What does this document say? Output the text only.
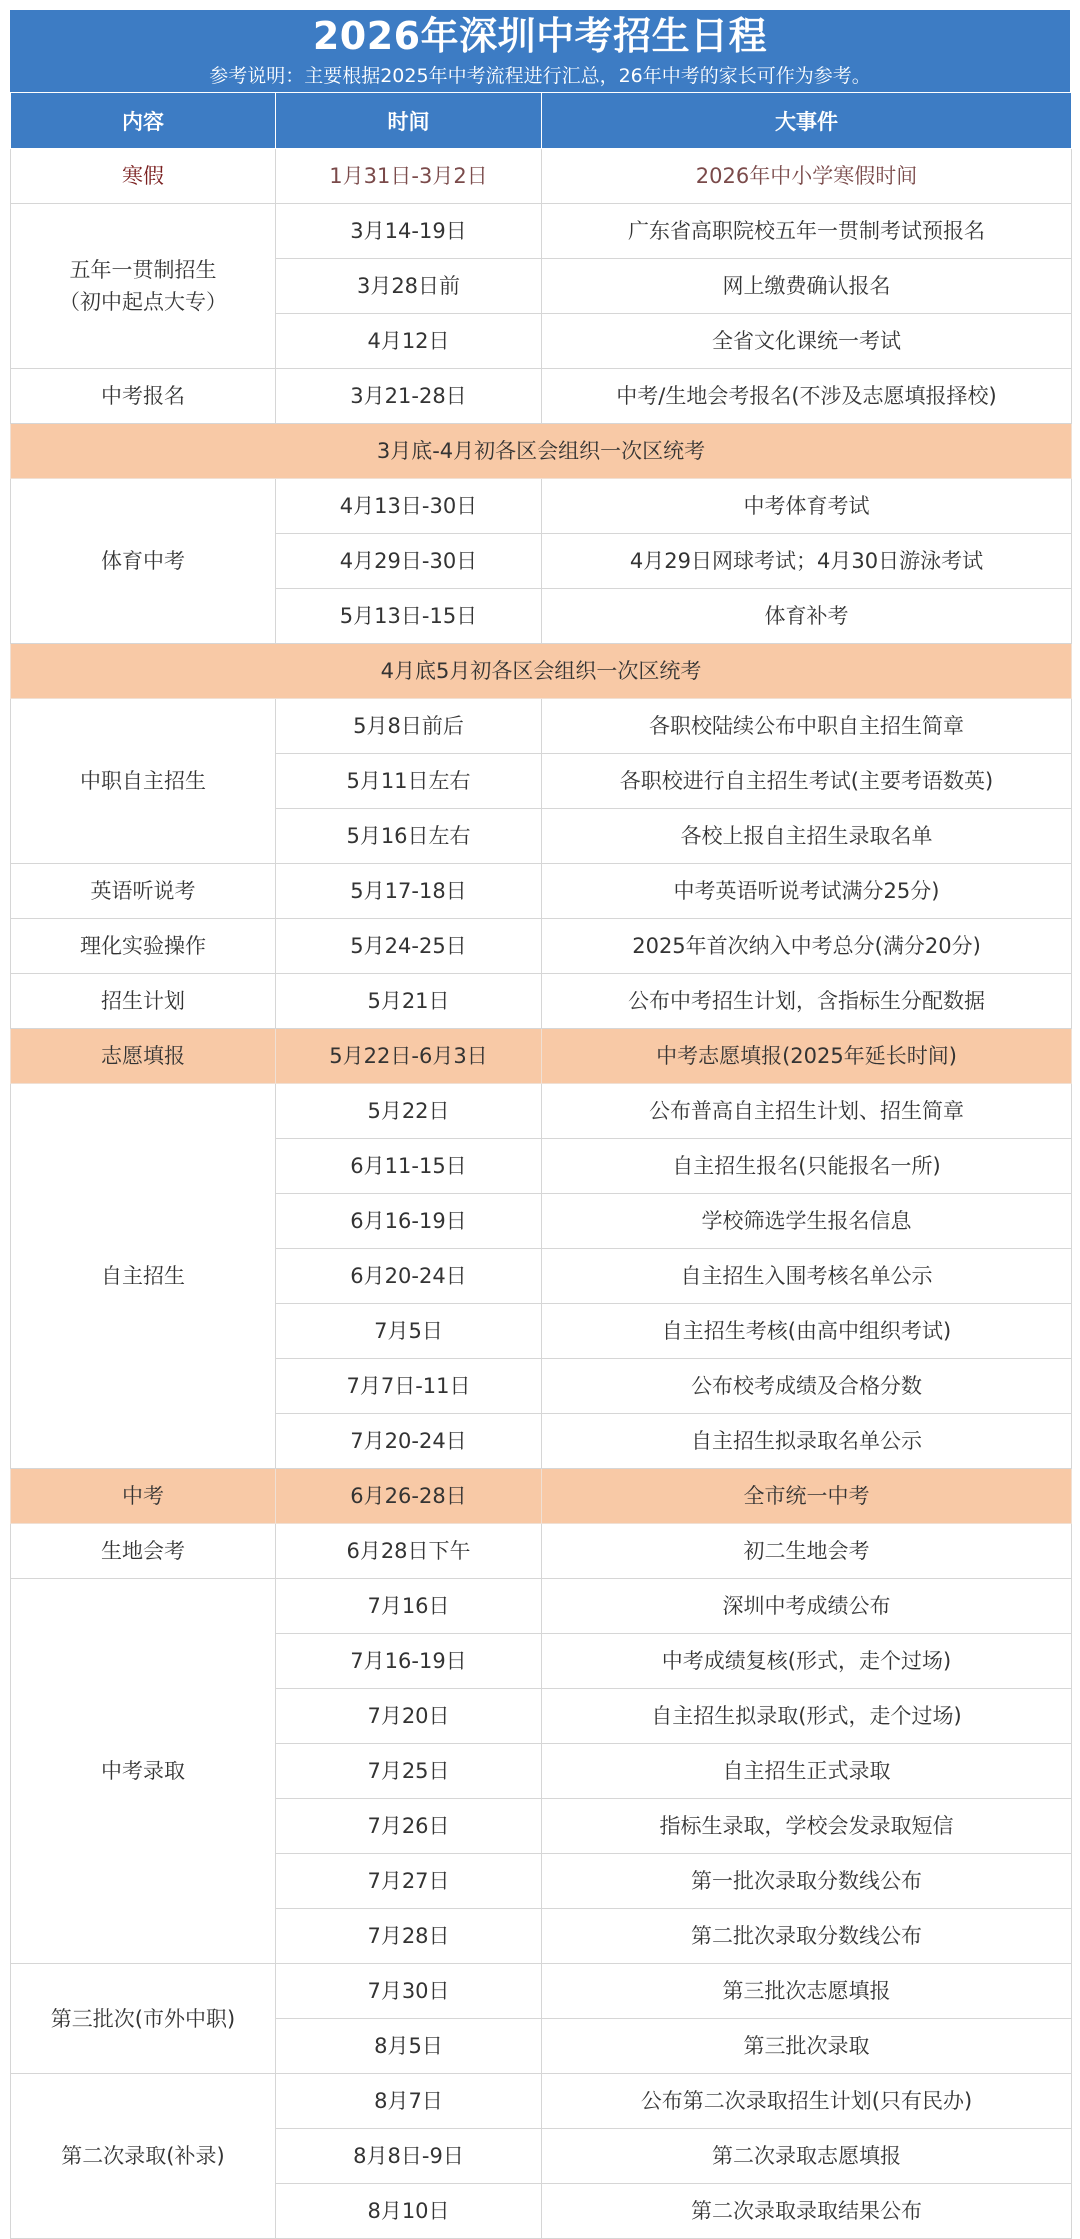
2026年深圳中考招生日程
参考说明：主要根据2025年中考流程进行汇总，26年中考的家长可作为参考。
内容	时间	大事件
寒假	1月31日-3月2日	2026年中小学寒假时间
五年一贯制招生
（初中起点大专）	3月14-19日	广东省高职院校五年一贯制考试预报名
	3月28日前	网上缴费确认报名
	4月12日	全省文化课统一考试
中考报名	3月21-28日	中考/生地会考报名(不涉及志愿填报择校)
3月底-4月初各区会组织一次区统考		
体育中考	4月13日-30日	中考体育考试
	4月29日-30日	4月29日网球考试；4月30日游泳考试
	5月13日-15日	体育补考
4月底5月初各区会组织一次区统考		
中职自主招生	5月8日前后	各职校陆续公布中职自主招生简章
	5月11日左右	各职校进行自主招生考试(主要考语数英)
	5月16日左右	各校上报自主招生录取名单
英语听说考	5月17-18日	中考英语听说考试满分25分)
理化实验操作	5月24-25日	2025年首次纳入中考总分(满分20分)
招生计划	5月21日	公布中考招生计划，含指标生分配数据
志愿填报	5月22日-6月3日	中考志愿填报(2025年延长时间)
自主招生	5月22日	公布普高自主招生计划、招生简章
	6月11-15日	自主招生报名(只能报名一所)
	6月16-19日	学校筛选学生报名信息
	6月20-24日	自主招生入围考核名单公示
	7月5日	自主招生考核(由高中组织考试)
	7月7日-11日	公布校考成绩及合格分数
	7月20-24日	自主招生拟录取名单公示
中考	6月26-28日	全市统一中考
生地会考	6月28日下午	初二生地会考
中考录取	7月16日	深圳中考成绩公布
	7月16-19日	中考成绩复核(形式，走个过场)
	7月20日	自主招生拟录取(形式，走个过场)
	7月25日	自主招生正式录取
	7月26日	指标生录取，学校会发录取短信
	7月27日	第一批次录取分数线公布
	7月28日	第二批次录取分数线公布
第三批次(市外中职)	7月30日	第三批次志愿填报
	8月5日	第三批次录取
第二次录取(补录)	8月7日	公布第二次录取招生计划(只有民办)
	8月8日-9日	第二次录取志愿填报
	8月10日	第二次录取录取结果公布
